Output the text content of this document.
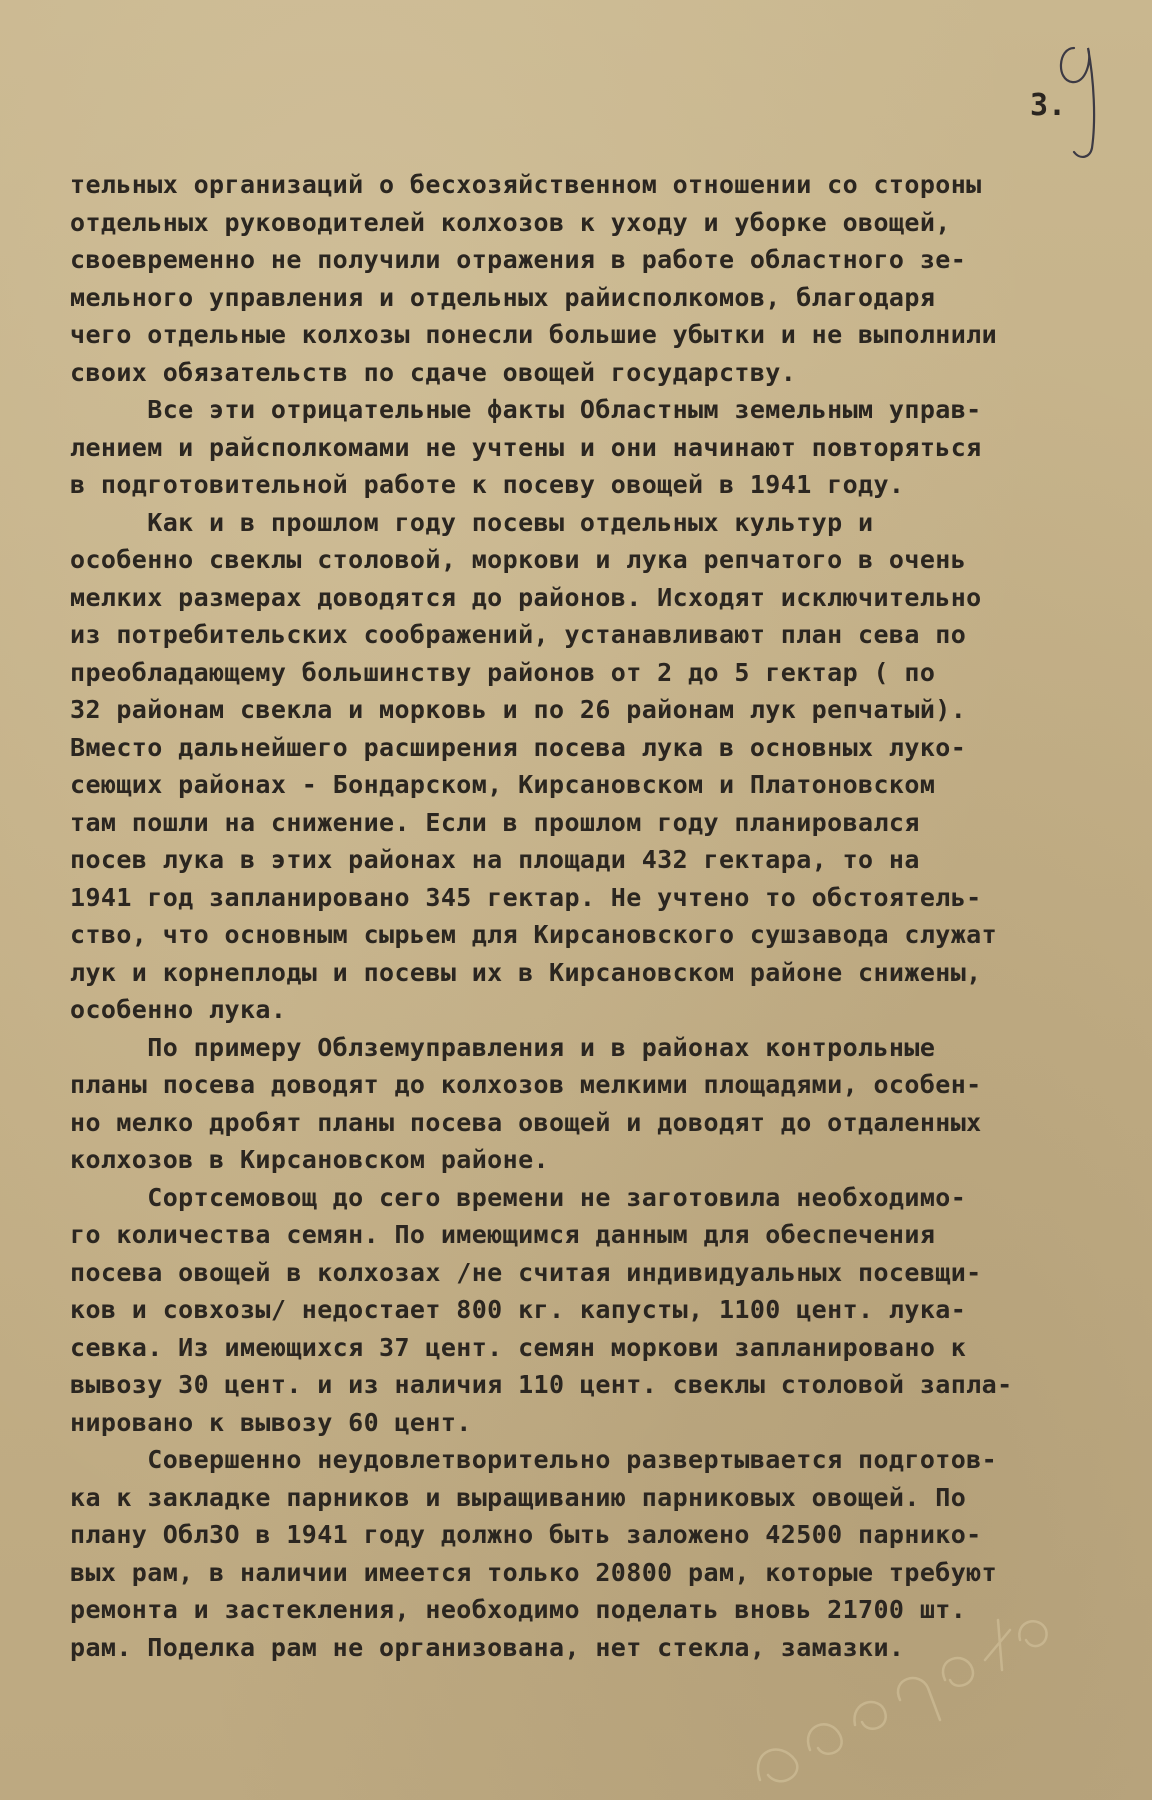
3.
тельных организаций о бесхозяйственном отношении со стороны
отдельных руководителей колхозов к уходу и уборке овощей,
своевременно не получили отражения в работе областного зе-
мельного управления и отдельных райисполкомов, благодаря
чего отдельные колхозы понесли большие убытки и не выполнили
своих обязательств по сдаче овощей государству.
Все эти отрицательные факты Областным земельным управ-
лением и райсполкомами не учтены и они начинают повторяться
в подготовительной работе к посеву овощей в 1941 году.
Как и в прошлом году посевы отдельных культур и
особенно свеклы столовой, моркови и лука репчатого в очень
мелких размерах доводятся до районов. Исходят исключительно
из потребительских соображений, устанавливают план сева по
преобладающему большинству районов от 2 до 5 гектар ( по
32 районам свекла и морковь и по 26 районам лук репчатый).
Вместо дальнейшего расширения посева лука в основных луко-
сеющих районах - Бондарском, Кирсановском и Платоновском
там пошли на снижение. Если в прошлом году планировался
посев лука в этих районах на площади 432 гектара, то на
1941 год запланировано 345 гектар. Не учтено то обстоятель-
ство, что основным сырьем для Кирсановского сушзавода служат
лук и корнеплоды и посевы их в Кирсановском районе снижены,
особенно лука.
По примеру Облземуправления и в районах контрольные
планы посева доводят до колхозов мелкими площадями, особен-
но мелко дробят планы посева овощей и доводят до отдаленных
колхозов в Кирсановском районе.
Сортсемовощ до сего времени не заготовила необходимо-
го количества семян. По имеющимся данным для обеспечения
посева овощей в колхозах /не считая индивидуальных посевщи-
ков и совхозы/ недостает 800 кг. капусты, 1100 цент. лука-
севка. Из имеющихся 37 цент. семян моркови запланировано к
вывозу 30 цент. и из наличия 110 цент. свеклы столовой запла-
нировано к вывозу 60 цент.
Совершенно неудовлетворительно развертывается подготов-
ка к закладке парников и выращиванию парниковых овощей. По
плану ОблЗО в 1941 году должно быть заложено 42500 парнико-
вых рам, в наличии имеется только 20800 рам, которые требуют
ремонта и застекления, необходимо поделать вновь 21700 шт.
рам. Поделка рам не организована, нет стекла, замазки.
